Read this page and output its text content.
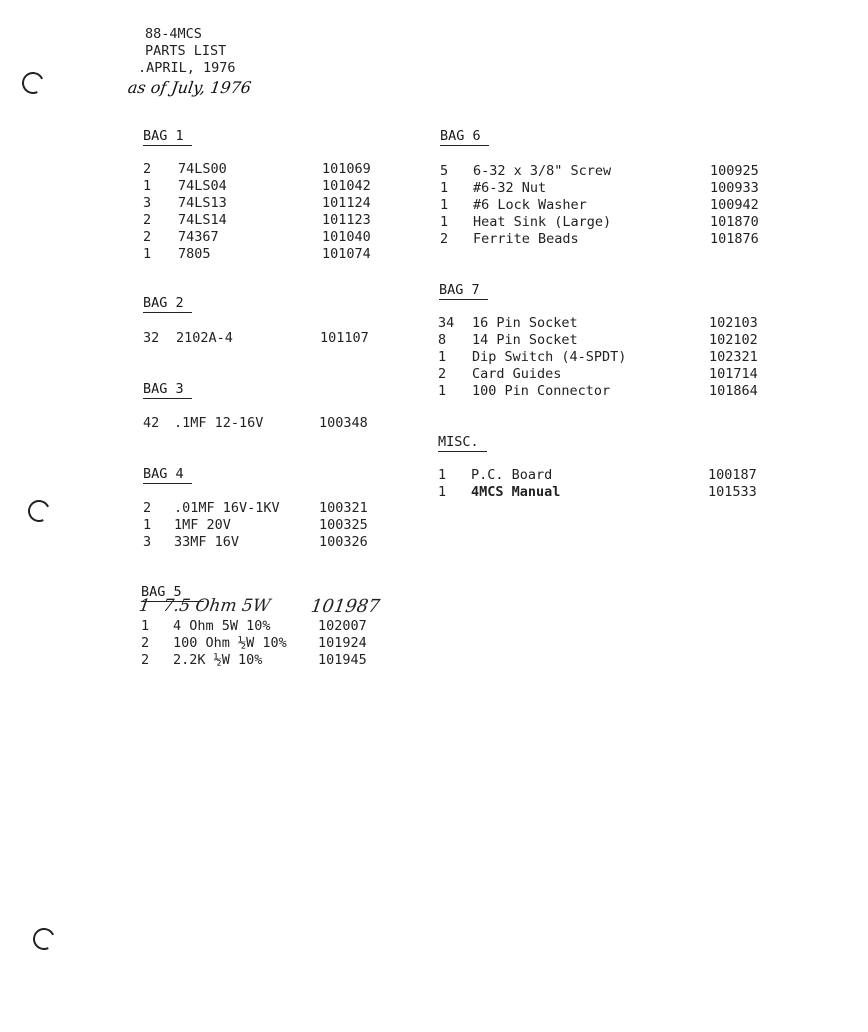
88-4MCS
PARTS LIST
.APRIL, 1976
as of July, 1976
BAG 1
2 74LS00	101069
1 74LS04	101042
3 74LS13	101124
2 74LS14	101123
2 74367	101040
1 7805	101074
BAG 2
32 2102A-4	101107
BAG 3
42 .1MF 12-16V	100348
BAG 4
2 .01MF 16V-1KV	100321
1 1MF 20V	100325
3 33MF 16V	100326
BAG 5
1 7.5 Ohm 5W 101987
1 4 Ohm 5W 10%	102007
2 100 Ohm ½W 10% 101924
2 2.2K ½W 10%	101945
BAG 6
5 6-32 x 3/8" Screw	100925
1 #6-32 Nut	100933
1 #6 Lock Washer	100942
1 Heat Sink (Large)	101870
2 Ferrite Beads	101876
BAG 7
34 16 Pin Socket	102103
8 14 Pin Socket	102102
1 Dip Switch (4-SPDT)	102321
2 Card Guides	101714
1 100 Pin Connector	101864
MISC.
1 P.C. Board	100187
1 4MCS Manual	101533
